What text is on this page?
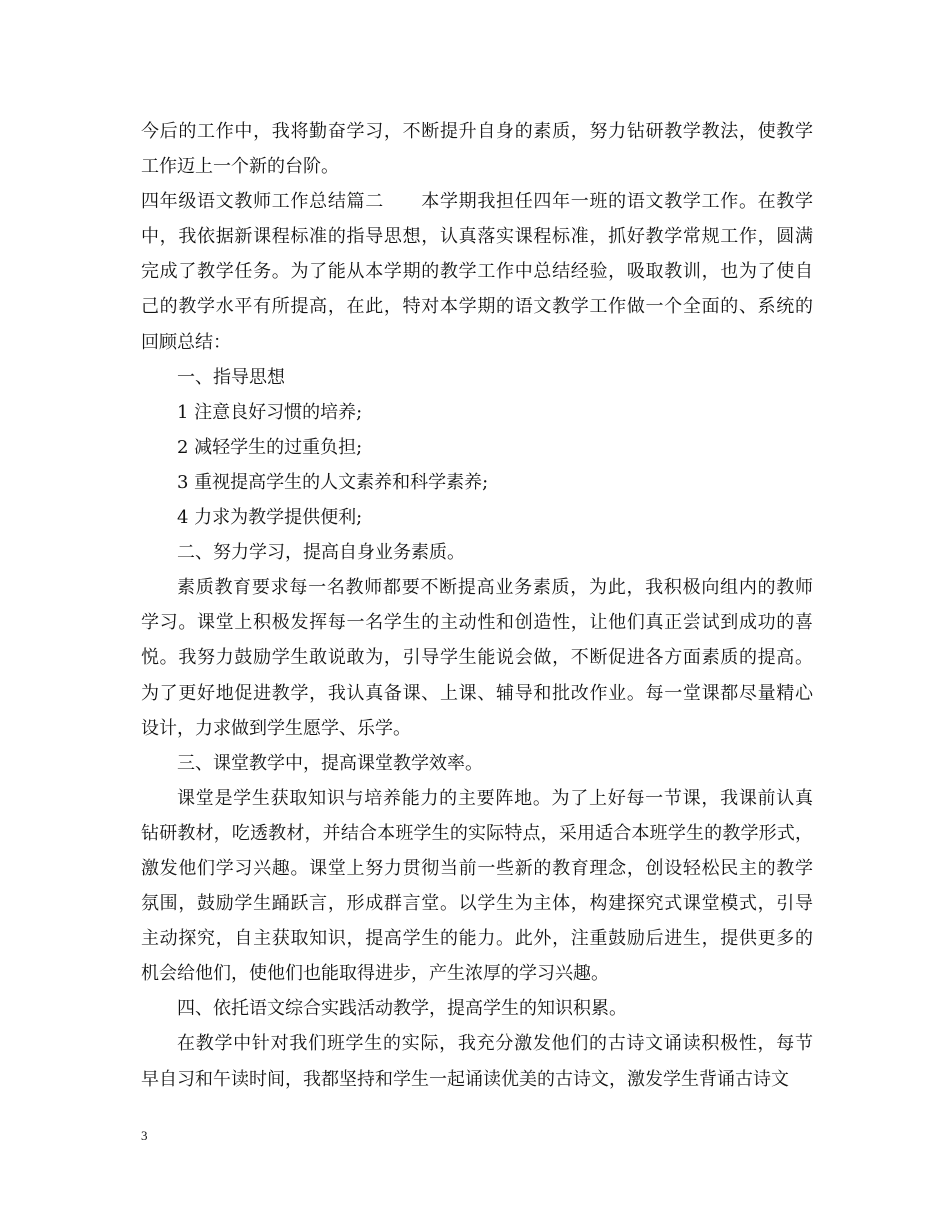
今后的工作中，我将勤奋学习，不断提升自身的素质，努力钻研教学教法，使教学
工作迈上一个新的台阶。
四年级语文教师工作总结篇二　　本学期我担任四年一班的语文教学工作。在教学
中，我依据新课程标准的指导思想，认真落实课程标准，抓好教学常规工作，圆满
完成了教学任务。为了能从本学期的教学工作中总结经验，吸取教训，也为了使自
己的教学水平有所提高，在此，特对本学期的语文教学工作做一个全面的、系统的
回顾总结：
一、指导思想
1 注意良好习惯的培养;
2 减轻学生的过重负担;
3 重视提高学生的人文素养和科学素养;
4 力求为教学提供便利;
二、努力学习，提高自身业务素质。
素质教育要求每一名教师都要不断提高业务素质，为此，我积极向组内的教师
学习。课堂上积极发挥每一名学生的主动性和创造性，让他们真正尝试到成功的喜
悦。我努力鼓励学生敢说敢为，引导学生能说会做，不断促进各方面素质的提高。
为了更好地促进教学，我认真备课、上课、辅导和批改作业。每一堂课都尽量精心
设计，力求做到学生愿学、乐学。
三、课堂教学中，提高课堂教学效率。
课堂是学生获取知识与培养能力的主要阵地。为了上好每一节课，我课前认真
钻研教材，吃透教材，并结合本班学生的实际特点，采用适合本班学生的教学形式，
激发他们学习兴趣。课堂上努力贯彻当前一些新的教育理念，创设轻松民主的教学
氛围，鼓励学生踊跃言，形成群言堂。以学生为主体，构建探究式课堂模式，引导
主动探究，自主获取知识，提高学生的能力。此外，注重鼓励后进生，提供更多的
机会给他们，使他们也能取得进步，产生浓厚的学习兴趣。
四、依托语文综合实践活动教学，提高学生的知识积累。
在教学中针对我们班学生的实际，我充分激发他们的古诗文诵读积极性，每节
早自习和午读时间，我都坚持和学生一起诵读优美的古诗文，激发学生背诵古诗文
3
